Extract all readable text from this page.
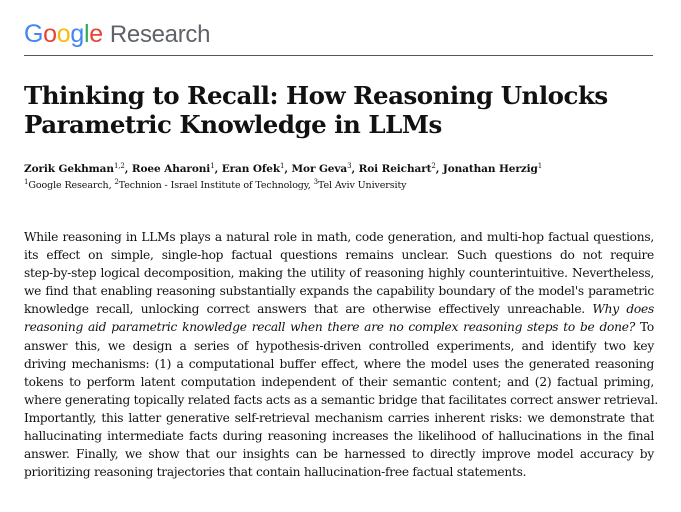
G o o g l e Research
Thinking to Recall: How Reasoning Unlocks
Parametric Knowledge in LLMs
Zorik Gekhman$^{1,2}$, Roee Aharoni$^1$, Eran Ofek$^1$, Mor Geva$^3$, Roi Reichart$^2$, Jonathan Herzig$^1$
$^1$Google Research, $^2$Technion - Israel Institute of Technology, $^3$Tel Aviv University
While reasoning in LLMs plays a natural role in math, code generation, and multi-hop factual questions,
its effect on simple, single-hop factual questions remains unclear. Such questions do not require
step-by-step logical decomposition, making the utility of reasoning highly counterintuitive. Nevertheless,
we find that enabling reasoning substantially expands the capability boundary of the model's parametric
knowledge recall, unlocking correct answers that are otherwise effectively unreachable. Why does
reasoning aid parametric knowledge recall when there are no complex reasoning steps to be done? To
answer this, we design a series of hypothesis-driven controlled experiments, and identify two key
driving mechanisms: (1) a computational buffer effect, where the model uses the generated reasoning
tokens to perform latent computation independent of their semantic content; and (2) factual priming,
where generating topically related facts acts as a semantic bridge that facilitates correct answer retrieval.
Importantly, this latter generative self-retrieval mechanism carries inherent risks: we demonstrate that
hallucinating intermediate facts during reasoning increases the likelihood of hallucinations in the final
answer. Finally, we show that our insights can be harnessed to directly improve model accuracy by
prioritizing reasoning trajectories that contain hallucination-free factual statements.
